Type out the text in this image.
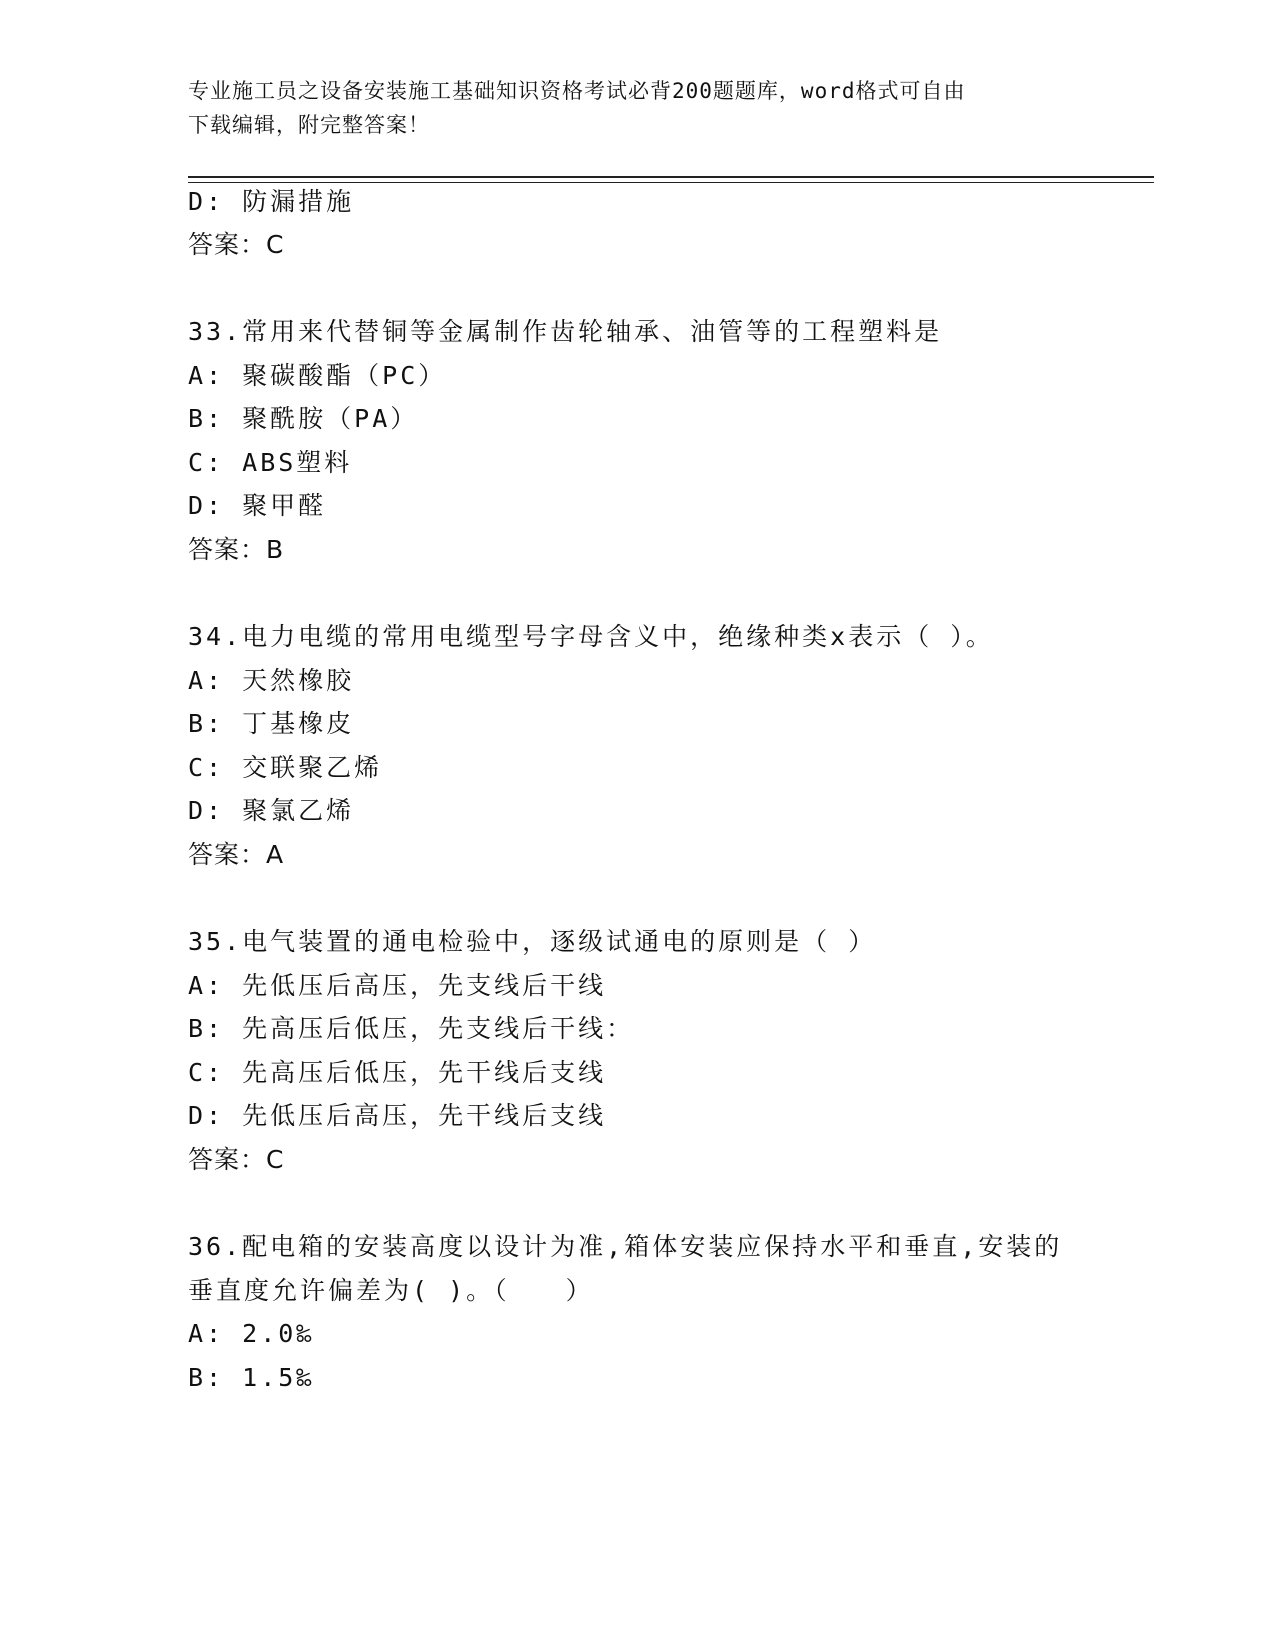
专业施工员之设备安装施工基础知识资格考试必背200题题库，word格式可自由
下载编辑，附完整答案！
D: 防漏措施
答案：C
33.常用来代替铜等金属制作齿轮轴承、油管等的工程塑料是
A: 聚碳酸酯（PC）
B: 聚酰胺（PA）
C: ABS塑料
D: 聚甲醛
答案：B
34.电力电缆的常用电缆型号字母含义中，绝缘种类x表示（ ）。
A: 天然橡胶
B: 丁基橡皮
C: 交联聚乙烯
D: 聚氯乙烯
答案：A
35.电气装置的通电检验中，逐级试通电的原则是（ ）
A: 先低压后高压，先支线后干线
B: 先高压后低压，先支线后干线：
C: 先高压后低压，先干线后支线
D: 先低压后高压，先干线后支线
答案：C
36.配电箱的安装高度以设计为准,箱体安装应保持水平和垂直,安装的
垂直度允许偏差为( )。（　　）
A: 2.0‰
B: 1.5‰
